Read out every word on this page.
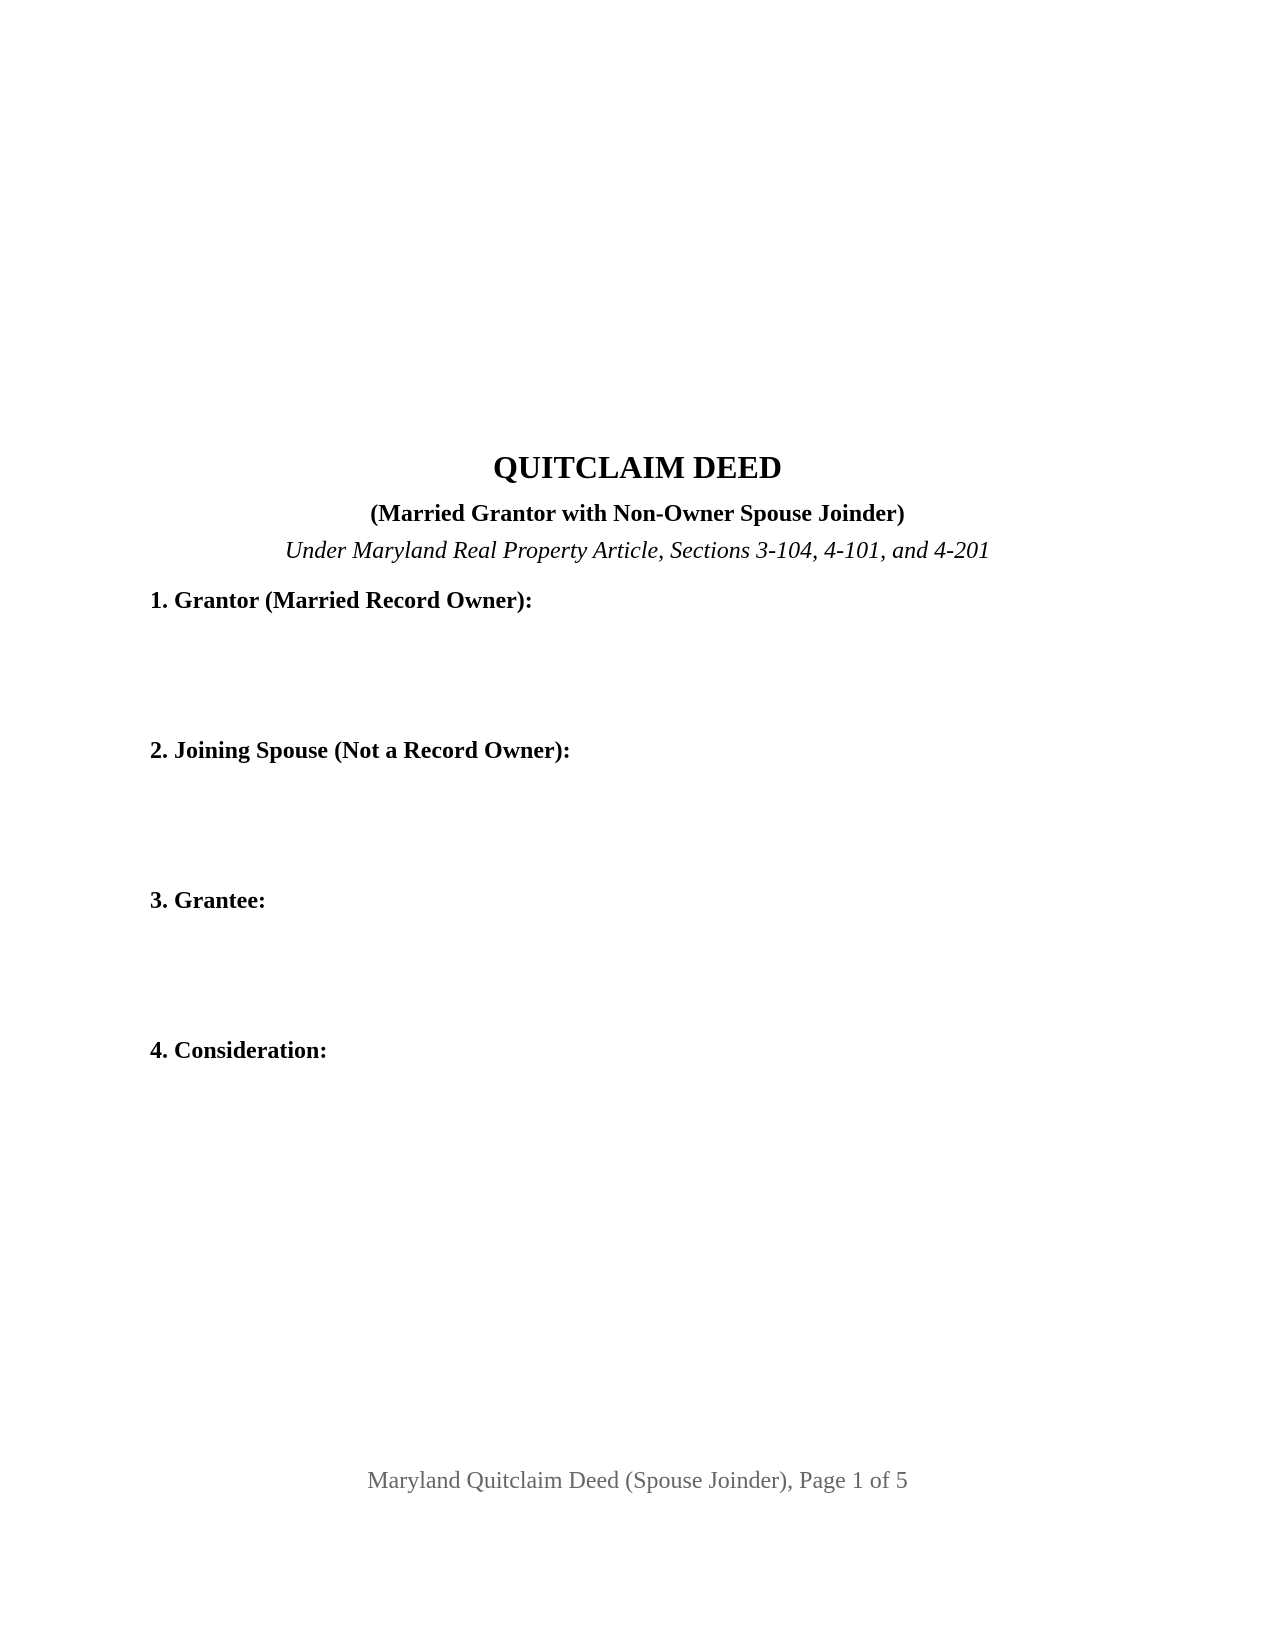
QUITCLAIM DEED
(Married Grantor with Non-Owner Spouse Joinder)
Under Maryland Real Property Article, Sections 3-104, 4-101, and 4-201
1. Grantor (Married Record Owner):
2. Joining Spouse (Not a Record Owner):
3. Grantee:
4. Consideration:
Maryland Quitclaim Deed (Spouse Joinder), Page 1 of 5
